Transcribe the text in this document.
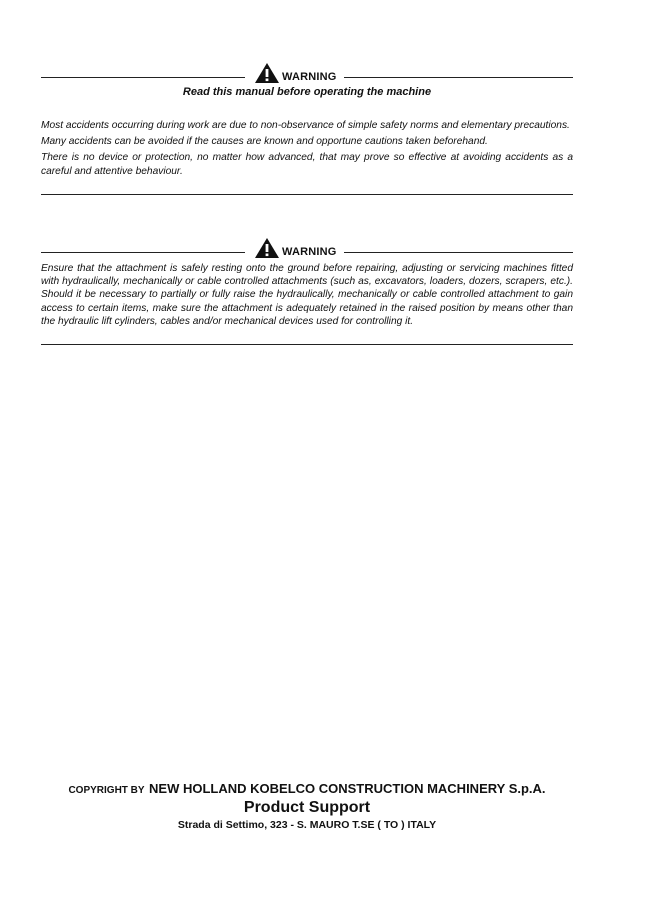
WARNING
Read this manual before operating the machine

Most accidents occurring during work are due to non-observance of simple safety norms and elementary precautions.

Many accidents can be avoided if the causes are known and opportune cautions taken beforehand.

There is no device or protection, no matter how advanced, that may prove so effective at avoiding accidents as a careful and attentive behaviour.

WARNING

Ensure that the attachment is safely resting onto the ground before repairing, adjusting or servicing machines fitted with hydraulically, mechanically or cable controlled attachments (such as, excavators, loaders, dozers, scrapers, etc.). Should it be necessary to partially or fully raise the hydraulically, mechanically or cable controlled attachment to gain access to certain items, make sure the attachment is adequately retained in the raised position by means other than the hydraulic lift cylinders, cables and/or mechanical devices used for controlling it.

COPYRIGHT BY NEW HOLLAND KOBELCO CONSTRUCTION MACHINERY S.p.A.
Product Support
Strada di Settimo, 323 - S. MAURO T.SE ( TO ) ITALY
